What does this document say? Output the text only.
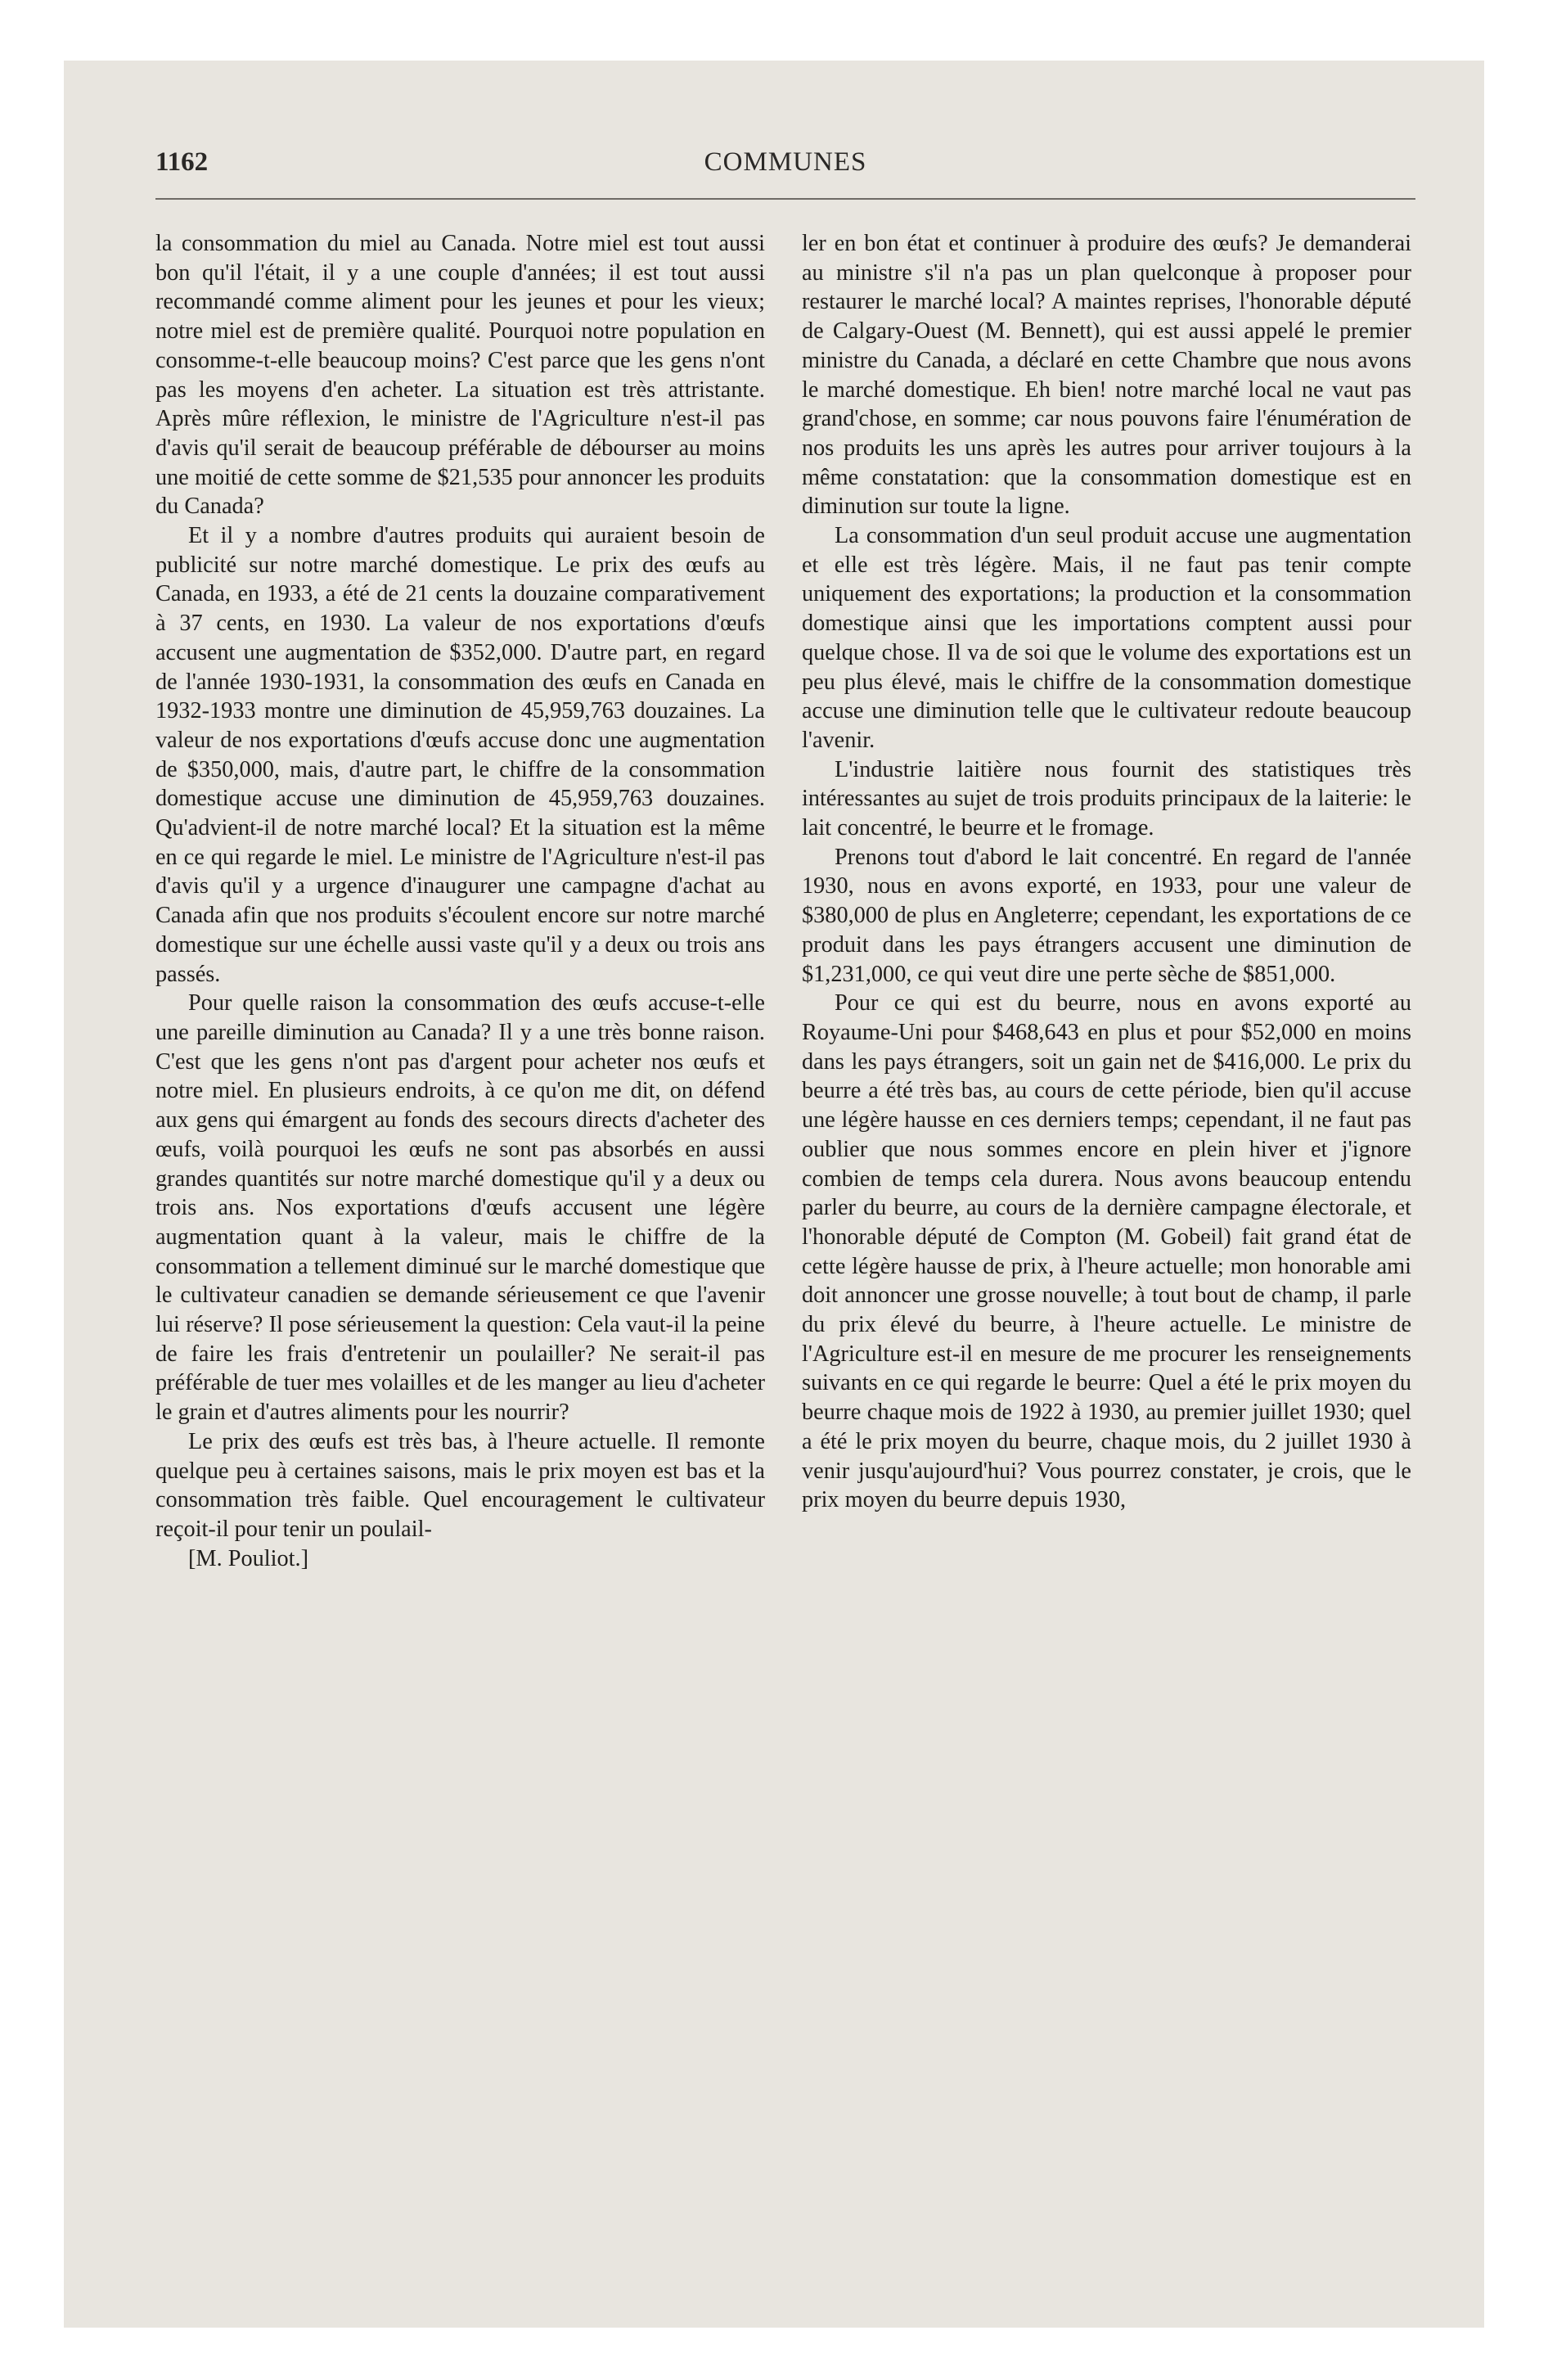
1162	COMMUNES

la consommation du miel au Canada. Notre miel est tout aussi bon qu'il l'était, il y a une couple d'années; il est tout aussi recommandé comme aliment pour les jeunes et pour les vieux; notre miel est de première qualité. Pourquoi notre population en consomme-t-elle beaucoup moins? C'est parce que les gens n'ont pas les moyens d'en acheter. La situation est très attristante. Après mûre réflexion, le ministre de l'Agriculture n'est-il pas d'avis qu'il serait de beaucoup préférable de débourser au moins une moitié de cette somme de $21,535 pour annoncer les produits du Canada?

Et il y a nombre d'autres produits qui auraient besoin de publicité sur notre marché domestique. Le prix des œufs au Canada, en 1933, a été de 21 cents la douzaine comparativement à 37 cents, en 1930. La valeur de nos exportations d'œufs accusent une augmentation de $352,000. D'autre part, en regard de l'année 1930-1931, la consommation des œufs en Canada en 1932-1933 montre une diminution de 45,959,763 douzaines. La valeur de nos exportations d'œufs accuse donc une augmentation de $350,000, mais, d'autre part, le chiffre de la consommation domestique accuse une diminution de 45,959,763 douzaines. Qu'advient-il de notre marché local? Et la situation est la même en ce qui regarde le miel. Le ministre de l'Agriculture n'est-il pas d'avis qu'il y a urgence d'inaugurer une campagne d'achat au Canada afin que nos produits s'écoulent encore sur notre marché domestique sur une échelle aussi vaste qu'il y a deux ou trois ans passés.

Pour quelle raison la consommation des œufs accuse-t-elle une pareille diminution au Canada? Il y a une très bonne raison. C'est que les gens n'ont pas d'argent pour acheter nos œufs et notre miel. En plusieurs endroits, à ce qu'on me dit, on défend aux gens qui émargent au fonds des secours directs d'acheter des œufs, voilà pourquoi les œufs ne sont pas absorbés en aussi grandes quantités sur notre marché domestique qu'il y a deux ou trois ans. Nos exportations d'œufs accusent une légère augmentation quant à la valeur, mais le chiffre de la consommation a tellement diminué sur le marché domestique que le cultivateur canadien se demande sérieusement ce que l'avenir lui réserve? Il pose sérieusement la question: Cela vaut-il la peine de faire les frais d'entretenir un poulailler? Ne serait-il pas préférable de tuer mes volailles et de les manger au lieu d'acheter le grain et d'autres aliments pour les nourrir?

Le prix des œufs est très bas, à l'heure actuelle. Il remonte quelque peu à certaines saisons, mais le prix moyen est bas et la consommation très faible. Quel encouragement le cultivateur reçoit-il pour tenir un poulail-

[M. Pouliot.]

ler en bon état et continuer à produire des œufs? Je demanderai au ministre s'il n'a pas un plan quelconque à proposer pour restaurer le marché local? A maintes reprises, l'honorable député de Calgary-Ouest (M. Bennett), qui est aussi appelé le premier ministre du Canada, a déclaré en cette Chambre que nous avons le marché domestique. Eh bien! notre marché local ne vaut pas grand'chose, en somme; car nous pouvons faire l'énumération de nos produits les uns après les autres pour arriver toujours à la même constatation: que la consommation domestique est en diminution sur toute la ligne.

La consommation d'un seul produit accuse une augmentation et elle est très légère. Mais, il ne faut pas tenir compte uniquement des exportations; la production et la consommation domestique ainsi que les importations comptent aussi pour quelque chose. Il va de soi que le volume des exportations est un peu plus élevé, mais le chiffre de la consommation domestique accuse une diminution telle que le cultivateur redoute beaucoup l'avenir.

L'industrie laitière nous fournit des statistiques très intéressantes au sujet de trois produits principaux de la laiterie: le lait concentré, le beurre et le fromage.

Prenons tout d'abord le lait concentré. En regard de l'année 1930, nous en avons exporté, en 1933, pour une valeur de $380,000 de plus en Angleterre; cependant, les exportations de ce produit dans les pays étrangers accusent une diminution de $1,231,000, ce qui veut dire une perte sèche de $851,000.

Pour ce qui est du beurre, nous en avons exporté au Royaume-Uni pour $468,643 en plus et pour $52,000 en moins dans les pays étrangers, soit un gain net de $416,000. Le prix du beurre a été très bas, au cours de cette période, bien qu'il accuse une légère hausse en ces derniers temps; cependant, il ne faut pas oublier que nous sommes encore en plein hiver et j'ignore combien de temps cela durera. Nous avons beaucoup entendu parler du beurre, au cours de la dernière campagne électorale, et l'honorable député de Compton (M. Gobeil) fait grand état de cette légère hausse de prix, à l'heure actuelle; mon honorable ami doit annoncer une grosse nouvelle; à tout bout de champ, il parle du prix élevé du beurre, à l'heure actuelle. Le ministre de l'Agriculture est-il en mesure de me procurer les renseignements suivants en ce qui regarde le beurre: Quel a été le prix moyen du beurre chaque mois de 1922 à 1930, au premier juillet 1930; quel a été le prix moyen du beurre, chaque mois, du 2 juillet 1930 à venir jusqu'aujourd'hui? Vous pourrez constater, je crois, que le prix moyen du beurre depuis 1930,
